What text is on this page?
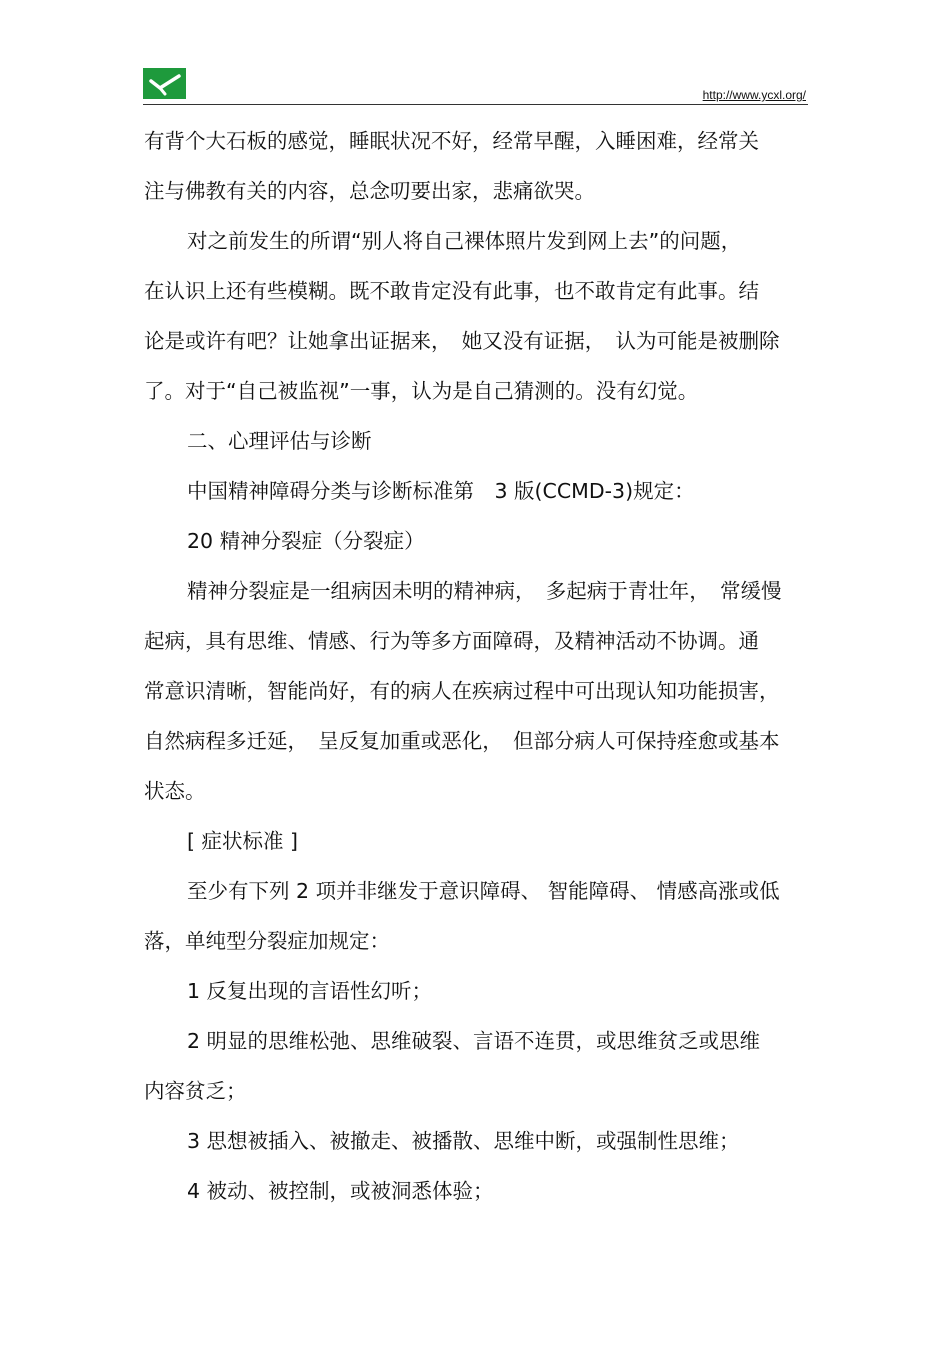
http://www.ycxl.org/
有背个大石板的感觉，睡眠状况不好，经常早醒，入睡困难，经常关
注与佛教有关的内容，总念叨要出家，悲痛欲哭。
对之前发生的所谓“别人将自己裸体照片发到网上去”的问题，
在认识上还有些模糊。既不敢肯定没有此事，也不敢肯定有此事。结
论是或许有吧？让她拿出证据来，　她又没有证据，　认为可能是被删除
了。对于“自己被监视”一事，认为是自己猜测的。没有幻觉。
二、心理评估与诊断
中国精神障碍分类与诊断标准第　3 版(CCMD-3)规定：
20 精神分裂症（分裂症）
精神分裂症是一组病因未明的精神病，　多起病于青壮年，　常缓慢
起病，具有思维、情感、行为等多方面障碍，及精神活动不协调。通
常意识清晰，智能尚好，有的病人在疾病过程中可出现认知功能损害，
自然病程多迁延，　呈反复加重或恶化，　但部分病人可保持痊愈或基本
状态。
[ 症状标准 ]
至少有下列 2 项并非继发于意识障碍、 智能障碍、 情感高涨或低
落，单纯型分裂症加规定：
1 反复出现的言语性幻听；
2 明显的思维松弛、思维破裂、言语不连贯，或思维贫乏或思维
内容贫乏；
3 思想被插入、被撤走、被播散、思维中断，或强制性思维；
4 被动、被控制，或被洞悉体验；
